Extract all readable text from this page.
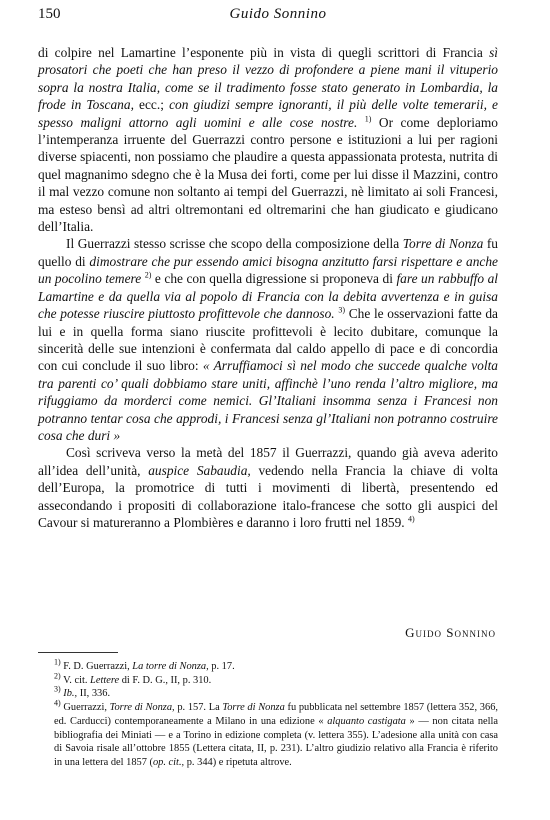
150	Guido Sonnino

di colpire nel Lamartine l’esponente più in vista di quegli scrittori di Francia sì prosatori che poeti che han preso il vezzo di profondere a piene mani il vituperio sopra la nostra Italia, come se il tradimento fosse stato generato in Lombardia, la frode in Toscana, ecc.; con giudizi sempre ignoranti, il più delle volte temerarii, e spesso maligni attorno agli uomini e alle cose nostre. $^{1)}$ Or come deploriamo l’intemperanza irruente del Guerrazzi contro persone e istituzioni a lui per ragioni diverse spiacenti, non possiamo che plaudire a questa appassionata protesta, nutrita di quel magnanimo sdegno che è la Musa dei forti, come per lui disse il Mazzini, contro il mal vezzo comune non soltanto ai tempi del Guerrazzi, nè limitato ai soli Francesi, ma esteso bensì ad altri oltremontani ed oltremarini che han giudicato e giudicano dell’Italia.

Il Guerrazzi stesso scrisse che scopo della composizione della Torre di Nonza fu quello di dimostrare che pur essendo amici bisogna anzitutto farsi rispettare e anche un pocolino temere $^{2)}$ e che con quella digressione si proponeva di fare un rabbuffo al Lamartine e da quella via al popolo di Francia con la debita avvertenza e in guisa che potesse riuscire piuttosto profittevole che dannoso. $^{3)}$ Che le osservazioni fatte da lui e in quella forma siano riuscite profittevoli è lecito dubitare, comunque la sincerità delle sue intenzioni è confermata dal caldo appello di pace e di concordia con cui conclude il suo libro: « Arruffiamoci sì nel modo che succede qualche volta tra parenti co’ quali dobbiamo stare uniti, affinchè l’uno renda l’altro migliore, ma rifuggiamo da morderci come nemici. Gl’Italiani insomma senza i Francesi non potranno tentar cosa che approdi, i Francesi senza gl’Italiani non potranno costruire cosa che duri »

Così scriveva verso la metà del 1857 il Guerrazzi, quando già aveva aderito all’idea dell’unità, auspice Sabaudia, vedendo nella Francia la chiave di volta dell’Europa, la promotrice di tutti i movimenti di libertà, presentendo ed assecondando i propositi di collaborazione italo-francese che sotto gli auspici del Cavour si matureranno a Plombières e daranno i loro frutti nel 1859. $^{4)}$

Guido Sonnino

$^{1)}$ F. D. Guerrazzi, La torre di Nonza, p. 17.

$^{2)}$ V. cit. Lettere di F. D. G., II, p. 310.

$^{3)}$ Ib., II, 336.

$^{4)}$ Guerrazzi, Torre di Nonza, p. 157. La Torre di Nonza fu pubblicata nel settembre 1857 (lettera 352, 366, ed. Carducci) contemporaneamente a Milano in una edizione « alquanto castigata » — non citata nella bibliografia dei Miniati — e a Torino in edizione completa (v. lettera 355). L’adesione alla unità con casa di Savoia risale all’ottobre 1855 (Lettera citata, II, p. 231). L’altro giudizio relativo alla Francia è riferito in una lettera del 1857 (op. cit., p. 344) e ripetuta altrove.
